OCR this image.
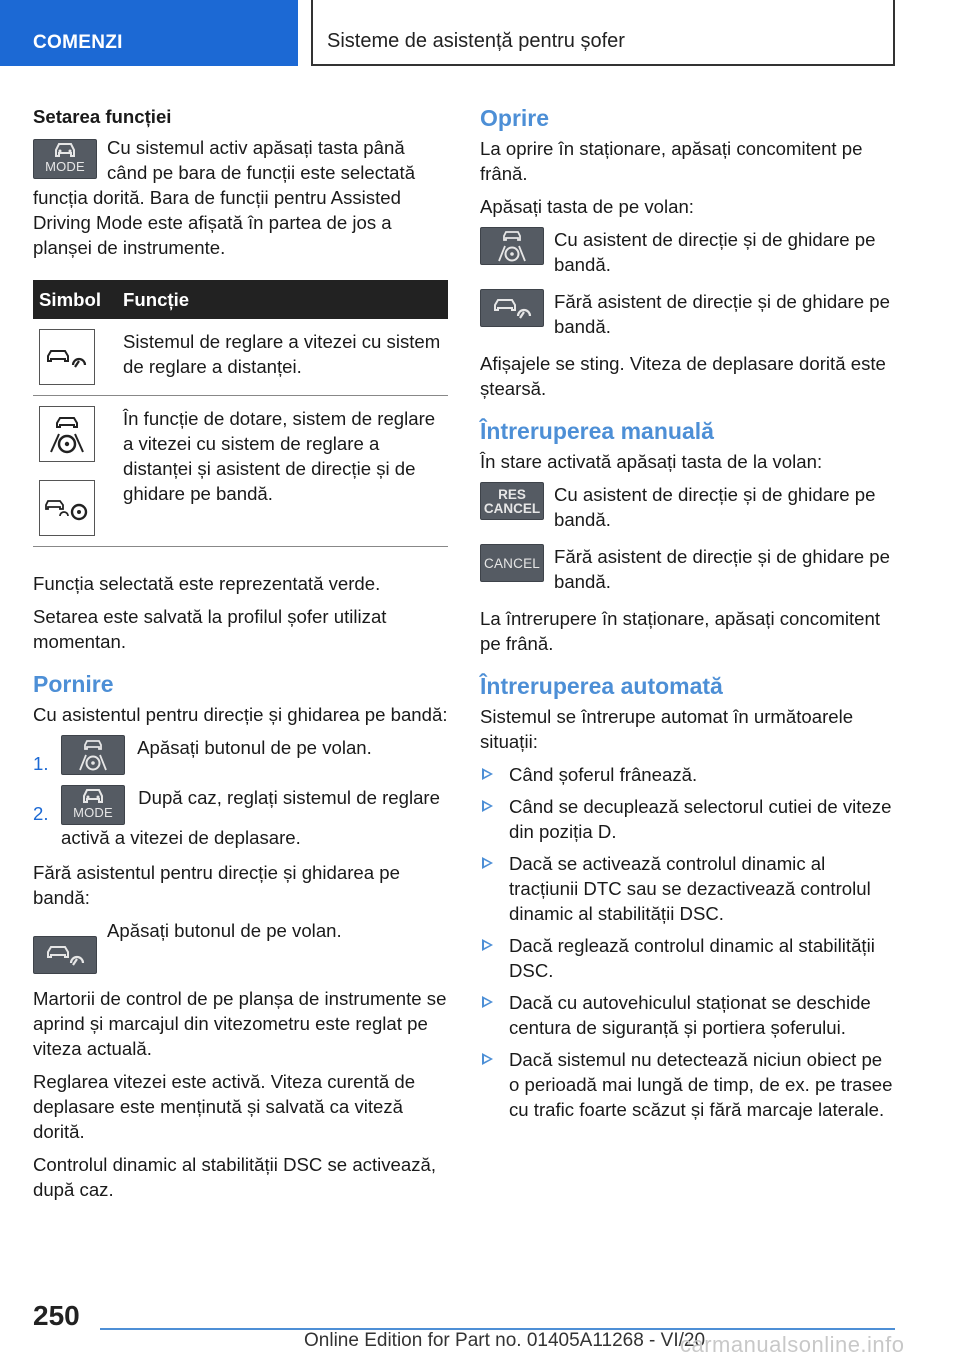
COMENZI	Sisteme de asistență pentru șofer

Setarea funcției

MODE
Cu sistemul activ apăsați tasta până când pe bara de funcții este selectată funcția dorită. Bara de funcții pentru Assisted Driving Mode este afișată în partea de jos a planșei de instrumente.
Simbol	Funcție

	Sistemul de reglare a vitezei cu sistem de reglare a distanței.

	În funcție de dotare, sistem de reglare a vitezei cu sistem de reglare a distanței și asistent de direcție și de ghidare pe bandă.

Funcția selectată este reprezentată verde.

Setarea este salvată la profilul șofer utilizat momentan.

Pornire

Cu asistentul pentru direcție și ghidarea pe bandă:

1.
Apăsați butonul de pe volan.
2.	MODE
După caz, reglați sistemul de reglare activă a vitezei de deplasare.

Fără asistentul pentru direcție și ghidarea pe bandă:

Apăsați butonul de pe volan.

Martorii de control de pe planșa de instrumente se aprind și marcajul din vitezometru este reglat pe viteza actuală.

Reglarea vitezei este activă. Viteza curentă de deplasare este menținută și salvată ca viteză dorită.

Controlul dinamic al stabilității DSC se activează, după caz.

Oprire

La oprire în staționare, apăsați concomitent pe frână.

Apăsați tasta de pe volan:

Cu asistent de direcție și de ghidare pe bandă.
Fără asistent de direcție și de ghidare pe bandă.

Afișajele se sting. Viteza de deplasare dorită este ștearsă.

Întreruperea manuală

În stare activată apăsați tasta de la volan:

RES
CANCEL
Cu asistent de direcție și de ghidare pe bandă.
CANCEL Fără asistent de direcție și de ghidare pe bandă.

La întrerupere în staționare, apăsați concomitent pe frână.

Întreruperea automată

Sistemul se întrerupe automat în următoarele situații:

Când șoferul frânează.
Când se decuplează selectorul cutiei de viteze din poziția D.
Dacă se activează controlul dinamic al tracțiunii DTC sau se dezactivează controlul dinamic al stabilității DSC.
Dacă reglează controlul dinamic al stabilității DSC.
Dacă cu autovehiculul staționat se deschide centura de siguranță și portiera șoferului.
Dacă sistemul nu detectează niciun obiect pe o perioadă mai lungă de timp, de ex. pe trasee cu trafic foarte scăzut și fără marcaje laterale.
250
Online Edition for Part no. 01405A11268 - VI/20
carmanualsonline.info
